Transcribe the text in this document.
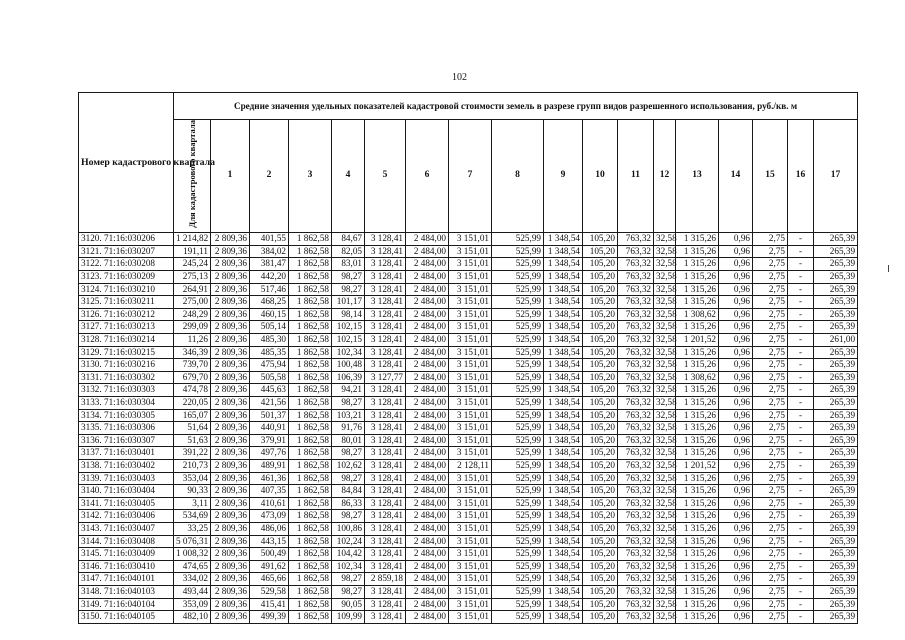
102
Номер кадастрового квартала	Средние значения удельных показателей кадастровой стоимости земель в разрезе групп видов разрешенного использования, руб./кв. м																	
	Для кадастрового квартала	1	2	3	4	5	6	7	8	9	10	11	12	13	14	15	16	17
3120. 71:16:030206	1 214,82	2 809,36	401,55	1 862,58	84,67	3 128,41	2 484,00	3 151,01	525,99	1 348,54	105,20	763,32	32,58	1 315,26	0,96	2,75	-	265,39
3121. 71:16:030207	191,11	2 809,36	384,02	1 862,58	82,05	3 128,41	2 484,00	3 151,01	525,99	1 348,54	105,20	763,32	32,58	1 315,26	0,96	2,75	-	265,39
3122. 71:16:030208	245,24	2 809,36	381,47	1 862,58	83,01	3 128,41	2 484,00	3 151,01	525,99	1 348,54	105,20	763,32	32,58	1 315,26	0,96	2,75	-	265,39
3123. 71:16:030209	275,13	2 809,36	442,20	1 862,58	98,27	3 128,41	2 484,00	3 151,01	525,99	1 348,54	105,20	763,32	32,58	1 315,26	0,96	2,75	-	265,39
3124. 71:16:030210	264,91	2 809,36	517,46	1 862,58	98,27	3 128,41	2 484,00	3 151,01	525,99	1 348,54	105,20	763,32	32,58	1 315,26	0,96	2,75	-	265,39
3125. 71:16:030211	275,00	2 809,36	468,25	1 862,58	101,17	3 128,41	2 484,00	3 151,01	525,99	1 348,54	105,20	763,32	32,58	1 315,26	0,96	2,75	-	265,39
3126. 71:16:030212	248,29	2 809,36	460,15	1 862,58	98,14	3 128,41	2 484,00	3 151,01	525,99	1 348,54	105,20	763,32	32,58	1 308,62	0,96	2,75	-	265,39
3127. 71:16:030213	299,09	2 809,36	505,14	1 862,58	102,15	3 128,41	2 484,00	3 151,01	525,99	1 348,54	105,20	763,32	32,58	1 315,26	0,96	2,75	-	265,39
3128. 71:16:030214	11,26	2 809,36	485,30	1 862,58	102,15	3 128,41	2 484,00	3 151,01	525,99	1 348,54	105,20	763,32	32,58	1 201,52	0,96	2,75	-	261,00
3129. 71:16:030215	346,39	2 809,36	485,35	1 862,58	102,34	3 128,41	2 484,00	3 151,01	525,99	1 348,54	105,20	763,32	32,58	1 315,26	0,96	2,75	-	265,39
3130. 71:16:030216	739,70	2 809,36	475,94	1 862,58	100,48	3 128,41	2 484,00	3 151,01	525,99	1 348,54	105,20	763,32	32,58	1 315,26	0,96	2,75	-	265,39
3131. 71:16:030302	679,70	2 809,36	505,58	1 862,58	106,39	3 127,77	2 484,00	3 151,01	525,99	1 348,54	105,20	763,32	32,58	1 308,62	0,96	2,75	-	265,39
3132. 71:16:030303	474,78	2 809,36	445,63	1 862,58	94,21	3 128,41	2 484,00	3 151,01	525,99	1 348,54	105,20	763,32	32,58	1 315,26	0,96	2,75	-	265,39
3133. 71:16:030304	220,05	2 809,36	421,56	1 862,58	98,27	3 128,41	2 484,00	3 151,01	525,99	1 348,54	105,20	763,32	32,58	1 315,26	0,96	2,75	-	265,39
3134. 71:16:030305	165,07	2 809,36	501,37	1 862,58	103,21	3 128,41	2 484,00	3 151,01	525,99	1 348,54	105,20	763,32	32,58	1 315,26	0,96	2,75	-	265,39
3135. 71:16:030306	51,64	2 809,36	440,91	1 862,58	91,76	3 128,41	2 484,00	3 151,01	525,99	1 348,54	105,20	763,32	32,58	1 315,26	0,96	2,75	-	265,39
3136. 71:16:030307	51,63	2 809,36	379,91	1 862,58	80,01	3 128,41	2 484,00	3 151,01	525,99	1 348,54	105,20	763,32	32,58	1 315,26	0,96	2,75	-	265,39
3137. 71:16:030401	391,22	2 809,36	497,76	1 862,58	98,27	3 128,41	2 484,00	3 151,01	525,99	1 348,54	105,20	763,32	32,58	1 315,26	0,96	2,75	-	265,39
3138. 71:16:030402	210,73	2 809,36	489,91	1 862,58	102,62	3 128,41	2 484,00	2 128,11	525,99	1 348,54	105,20	763,32	32,58	1 201,52	0,96	2,75	-	265,39
3139. 71:16:030403	353,04	2 809,36	461,36	1 862,58	98,27	3 128,41	2 484,00	3 151,01	525,99	1 348,54	105,20	763,32	32,58	1 315,26	0,96	2,75	-	265,39
3140. 71:16:030404	90,33	2 809,36	407,35	1 862,58	84,84	3 128,41	2 484,00	3 151,01	525,99	1 348,54	105,20	763,32	32,58	1 315,26	0,96	2,75	-	265,39
3141. 71:16:030405	3,11	2 809,36	410,61	1 862,58	86,33	3 128,41	2 484,00	3 151,01	525,99	1 348,54	105,20	763,32	32,58	1 315,26	0,96	2,75	-	265,39
3142. 71:16:030406	534,69	2 809,36	473,09	1 862,58	98,27	3 128,41	2 484,00	3 151,01	525,99	1 348,54	105,20	763,32	32,58	1 315,26	0,96	2,75	-	265,39
3143. 71:16:030407	33,25	2 809,36	486,06	1 862,58	100,86	3 128,41	2 484,00	3 151,01	525,99	1 348,54	105,20	763,32	32,58	1 315,26	0,96	2,75	-	265,39
3144. 71:16:030408	5 076,31	2 809,36	443,15	1 862,58	102,24	3 128,41	2 484,00	3 151,01	525,99	1 348,54	105,20	763,32	32,58	1 315,26	0,96	2,75	-	265,39
3145. 71:16:030409	1 008,32	2 809,36	500,49	1 862,58	104,42	3 128,41	2 484,00	3 151,01	525,99	1 348,54	105,20	763,32	32,58	1 315,26	0,96	2,75	-	265,39
3146. 71:16:030410	474,65	2 809,36	491,62	1 862,58	102,34	3 128,41	2 484,00	3 151,01	525,99	1 348,54	105,20	763,32	32,58	1 315,26	0,96	2,75	-	265,39
3147. 71:16:040101	334,02	2 809,36	465,66	1 862,58	98,27	2 859,18	2 484,00	3 151,01	525,99	1 348,54	105,20	763,32	32,58	1 315,26	0,96	2,75	-	265,39
3148. 71:16:040103	493,44	2 809,36	529,58	1 862,58	98,27	3 128,41	2 484,00	3 151,01	525,99	1 348,54	105,20	763,32	32,58	1 315,26	0,96	2,75	-	265,39
3149. 71:16:040104	353,09	2 809,36	415,41	1 862,58	90,05	3 128,41	2 484,00	3 151,01	525,99	1 348,54	105,20	763,32	32,58	1 315,26	0,96	2,75	-	265,39
3150. 71:16:040105	482,10	2 809,36	499,39	1 862,58	109,99	3 128,41	2 484,00	3 151,01	525,99	1 348,54	105,20	763,32	32,58	1 315,26	0,96	2,75	-	265,39
